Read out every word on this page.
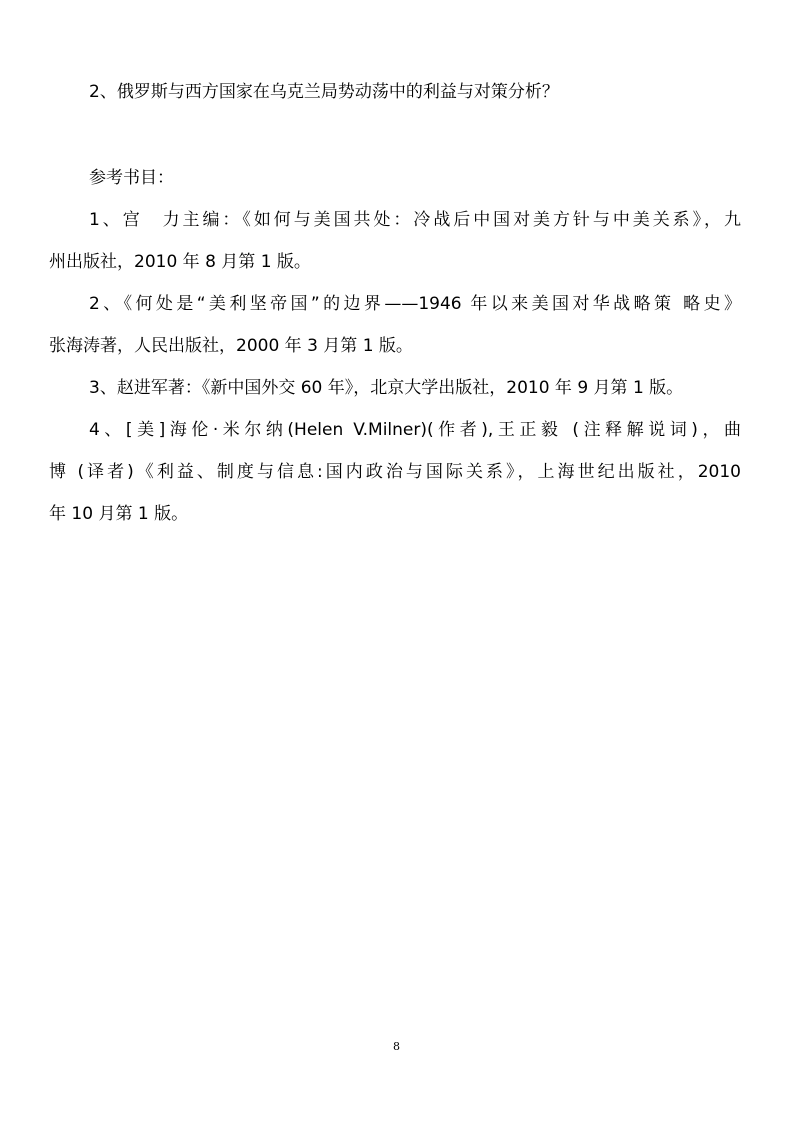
2、俄罗斯与西方国家在乌克兰局势动荡中的利益与对策分析？
参考书目：
1、宫　力主编：《如何与美国共处：冷战后中国对美方针与中美关系》，九
州出版社，2010 年 8 月第 1 版。
2、《何处是“美利坚帝国”的边界——1946 年以来美国对华战略策 略史》
张海涛著，人民出版社，2000 年 3 月第 1 版。
3、赵进军著：《新中国外交 60 年》，北京大学出版社，2010 年 9 月第 1 版。
4、[美]海伦·米尔纳(Helen V.Milner)(作者),王正毅 (注释解说词)，曲
博 (译者)《利益、制度与信息:国内政治与国际关系》，上海世纪出版社，2010
年 10 月第 1 版。
8
